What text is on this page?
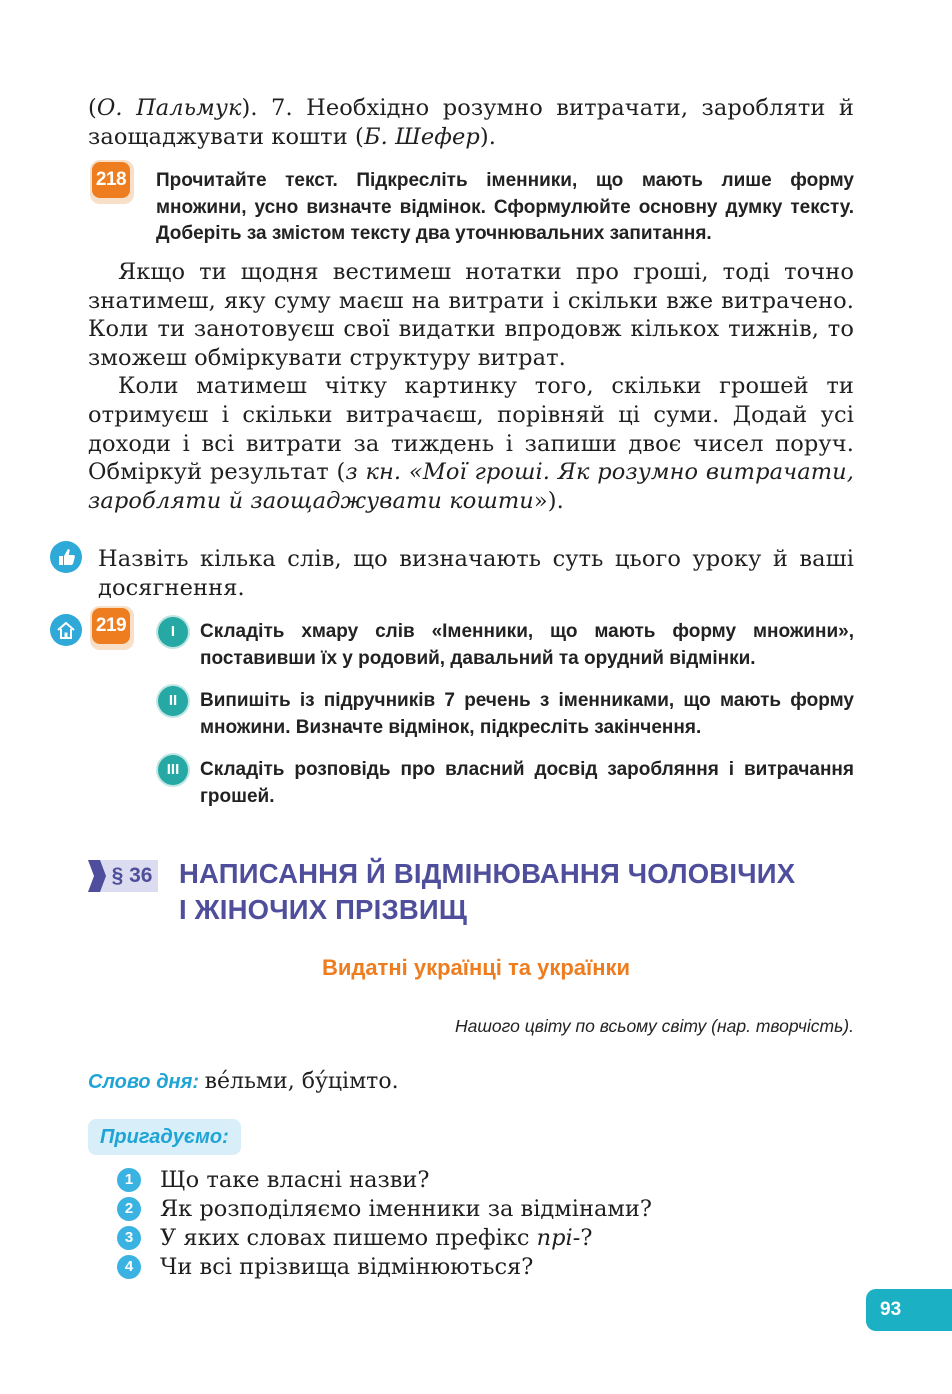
(О. Пальмук). 7. Необхідно розумно витрачати, заробляти й заощаджувати кошти (Б. Шефер).

218 Прочитайте текст. Підкресліть іменники, що мають лише форму множини, усно визначте відмінок. Сформулюйте основну думку тексту. Доберіть за змістом тексту два уточнювальних запитання.

Якщо ти щодня вестимеш нотатки про гроші, тоді точно знатимеш, яку суму маєш на витрати і скільки вже витрачено. Коли ти занотовуєш свої видатки впродовж кількох тижнів, то зможеш обміркувати структуру витрат.

Коли матимеш чітку картинку того, скільки грошей ти отримуєш і скільки витрачаєш, порівняй ці суми. Додай усі доходи і всі витрати за тиждень і запиши двоє чисел поруч. Обміркуй результат (з кн. «Мої гроші. Як розумно витрачати, заробляти й заощаджувати кошти»).

Назвіть кілька слів, що визначають суть цього уроку й ваші досягнення.
219	I	Складіть хмару слів «Іменники, що мають форму множини», поставивши їх у родовий, давальний та орудний відмінки.
II	Випишіть із підручників 7 речень з іменниками, що мають форму множини. Визначте відмінок, підкресліть закінчення.
III	Складіть розповідь про власний досвід заробляння і витрачання грошей.
§ 36 НАПИСАННЯ Й ВІДМІНЮВАННЯ ЧОЛОВІЧИХ
І ЖІНОЧИХ ПРІЗВИЩ
Видатні українці та українки
Нашого цвіту по всьому світу (нар. творчість).
Слово дня: ве́льми, бу́цімто.
Пригадуємо:
1	Що таке власні назви?
2	Як розподіляємо іменники за відмінами?
3	У яких словах пишемо префікс прі-?
4	Чи всі прізвища відмінюються?
93
